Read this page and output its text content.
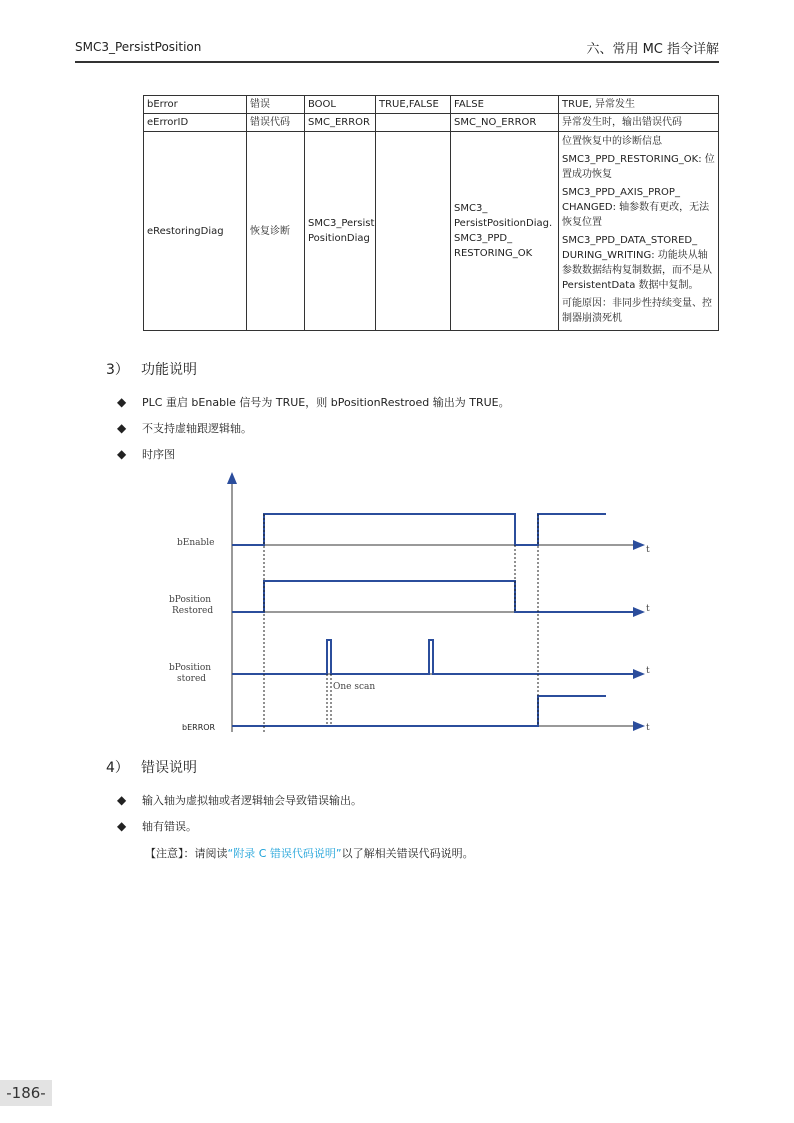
SMC3_PersistPosition	六、常用 MC 指令详解
bError	错误	BOOL	TRUE,FALSE	FALSE	TRUE, 异常发生
eErrorID	错误代码	SMC_ERROR		SMC_NO_ERROR	异常发生时，输出错误代码
eRestoringDiag	恢复诊断	SMC3_Persist PositionDiag		SMC3_ PersistPositionDiag. SMC3_PPD_ RESTORING_OK	位置恢复中的诊断信息
SMC3_PPD_RESTORING_OK: 位置成功恢复
SMC3_PPD_AXIS_PROP_ CHANGED: 轴参数有更改，无法恢复位置
SMC3_PPD_DATA_STORED_ DURING_WRITING: 功能块从轴参数数据结构复制数据，而不是从 PersistentData 数据中复制。
可能原因：非同步性持续变量、控制器崩溃死机
3） 功能说明
◆ PLC 重启 bEnable 信号为 TRUE，则 bPositionRestroed 输出为 TRUE。
◆ 不支持虚轴跟逻辑轴。
◆ 时序图
bEnable
bPosition
Restored
bPosition
stored
bERROR
t
t
t
t
One scan
4） 错误说明
◆ 输入轴为虚拟轴或者逻辑轴会导致错误输出。
◆ 轴有错误。
【注意】：请阅读“附录 C 错误代码说明”以了解相关错误代码说明。
-186-
